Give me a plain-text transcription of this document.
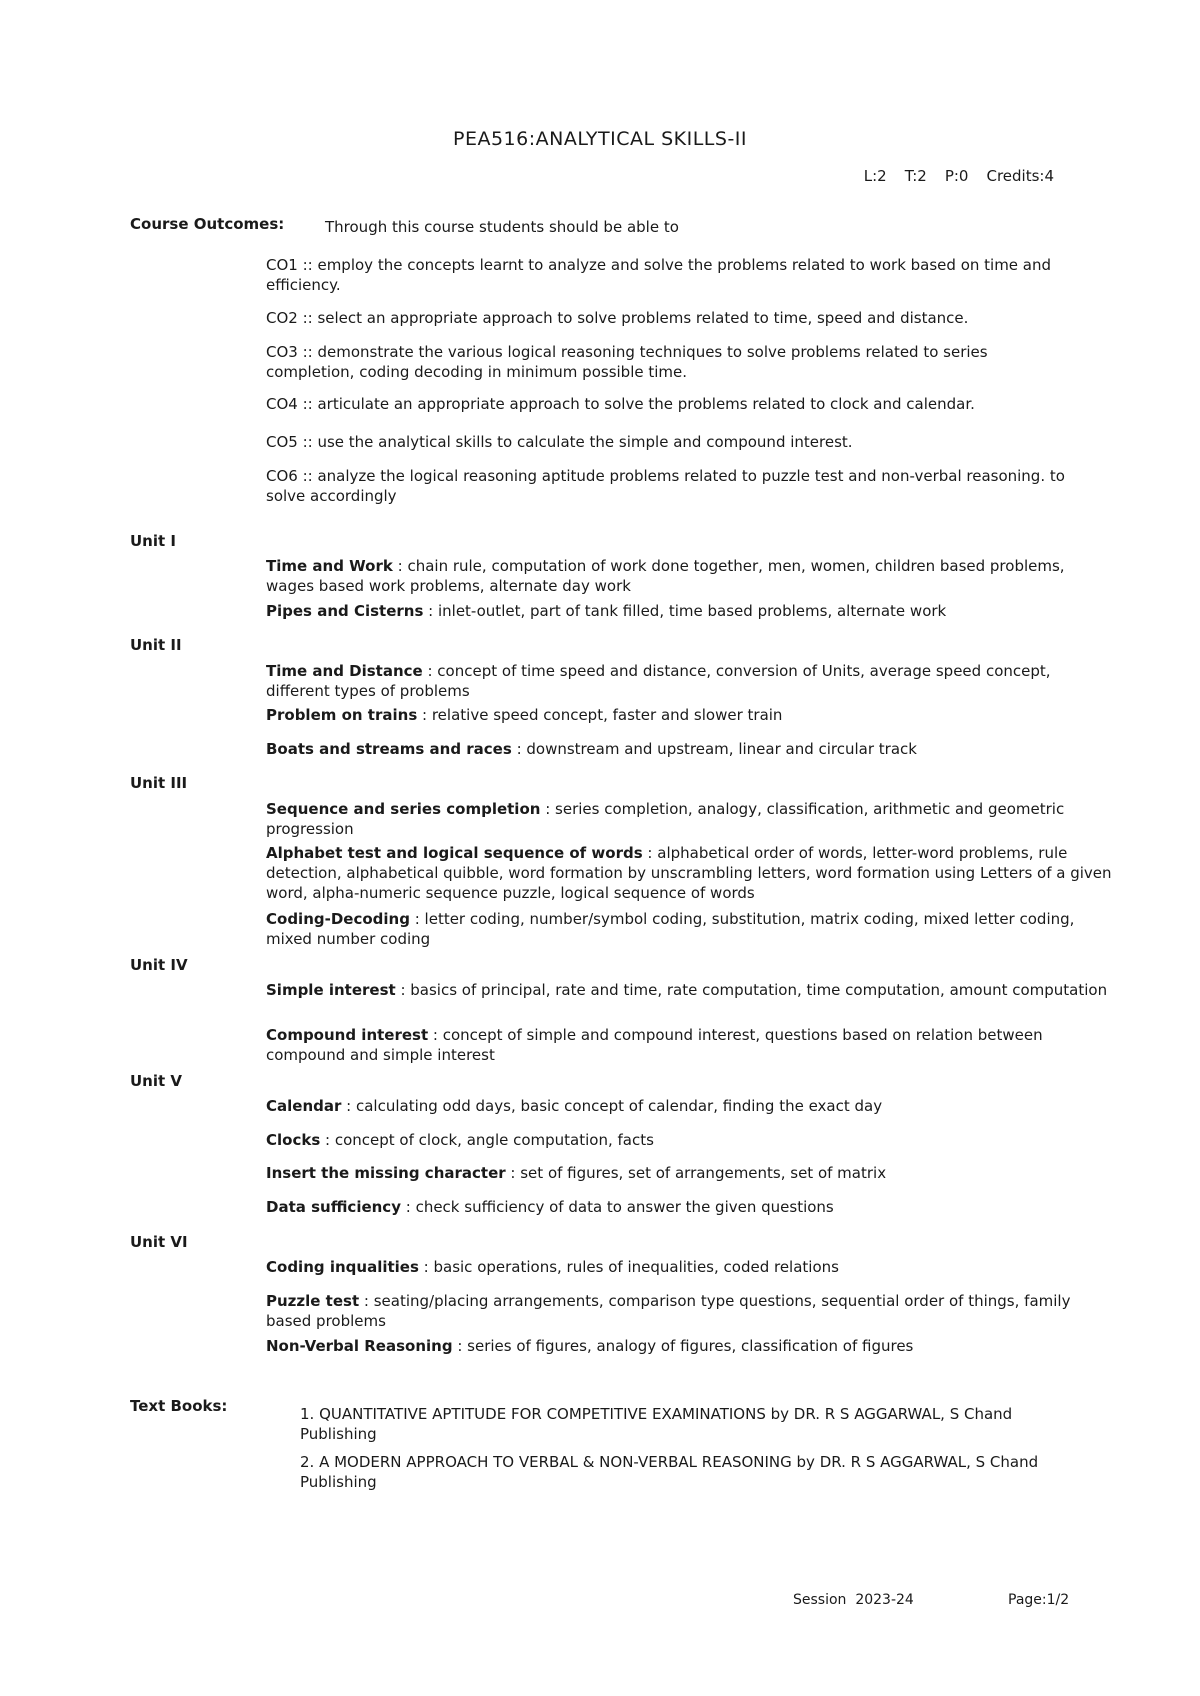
PEA516:ANALYTICAL SKILLS-II
L:2 T:2 P:0 Credits:4
Course Outcomes:	Through this course students should be able to
CO1 :: employ the concepts learnt to analyze and solve the problems related to work based on time and efficiency.
CO2 :: select an appropriate approach to solve problems related to time, speed and distance.
CO3 :: demonstrate the various logical reasoning techniques to solve problems related to series completion, coding decoding in minimum possible time.
CO4 :: articulate an appropriate approach to solve the problems related to clock and calendar.
CO5 :: use the analytical skills to calculate the simple and compound interest.
CO6 :: analyze the logical reasoning aptitude problems related to puzzle test and non-verbal reasoning. to solve accordingly
Unit I
Time and Work : chain rule, computation of work done together, men, women, children based problems, wages based work problems, alternate day work
Pipes and Cisterns : inlet-outlet, part of tank filled, time based problems, alternate work
Unit II
Time and Distance : concept of time speed and distance, conversion of Units, average speed concept, different types of problems
Problem on trains : relative speed concept, faster and slower train
Boats and streams and races : downstream and upstream, linear and circular track
Unit III
Sequence and series completion : series completion, analogy, classification, arithmetic and geometric progression
Alphabet test and logical sequence of words : alphabetical order of words, letter-word problems, rule detection, alphabetical quibble, word formation by unscrambling letters, word formation using Letters of a given word, alpha-numeric sequence puzzle, logical sequence of words
Coding-Decoding : letter coding, number/symbol coding, substitution, matrix coding, mixed letter coding, mixed number coding
Unit IV
Simple interest : basics of principal, rate and time, rate computation, time computation, amount computation
Compound interest : concept of simple and compound interest, questions based on relation between compound and simple interest
Unit V
Calendar : calculating odd days, basic concept of calendar, finding the exact day
Clocks : concept of clock, angle computation, facts
Insert the missing character : set of figures, set of arrangements, set of matrix
Data sufficiency : check sufficiency of data to answer the given questions
Unit VI
Coding inqualities : basic operations, rules of inequalities, coded relations
Puzzle test : seating/placing arrangements, comparison type questions, sequential order of things, family based problems
Non-Verbal Reasoning : series of figures, analogy of figures, classification of figures
Text Books:	1. QUANTITATIVE APTITUDE FOR COMPETITIVE EXAMINATIONS by DR. R S AGGARWAL, S Chand Publishing
2. A MODERN APPROACH TO VERBAL & NON-VERBAL REASONING by DR. R S AGGARWAL, S Chand Publishing
Session  2023-24	Page:1/2
